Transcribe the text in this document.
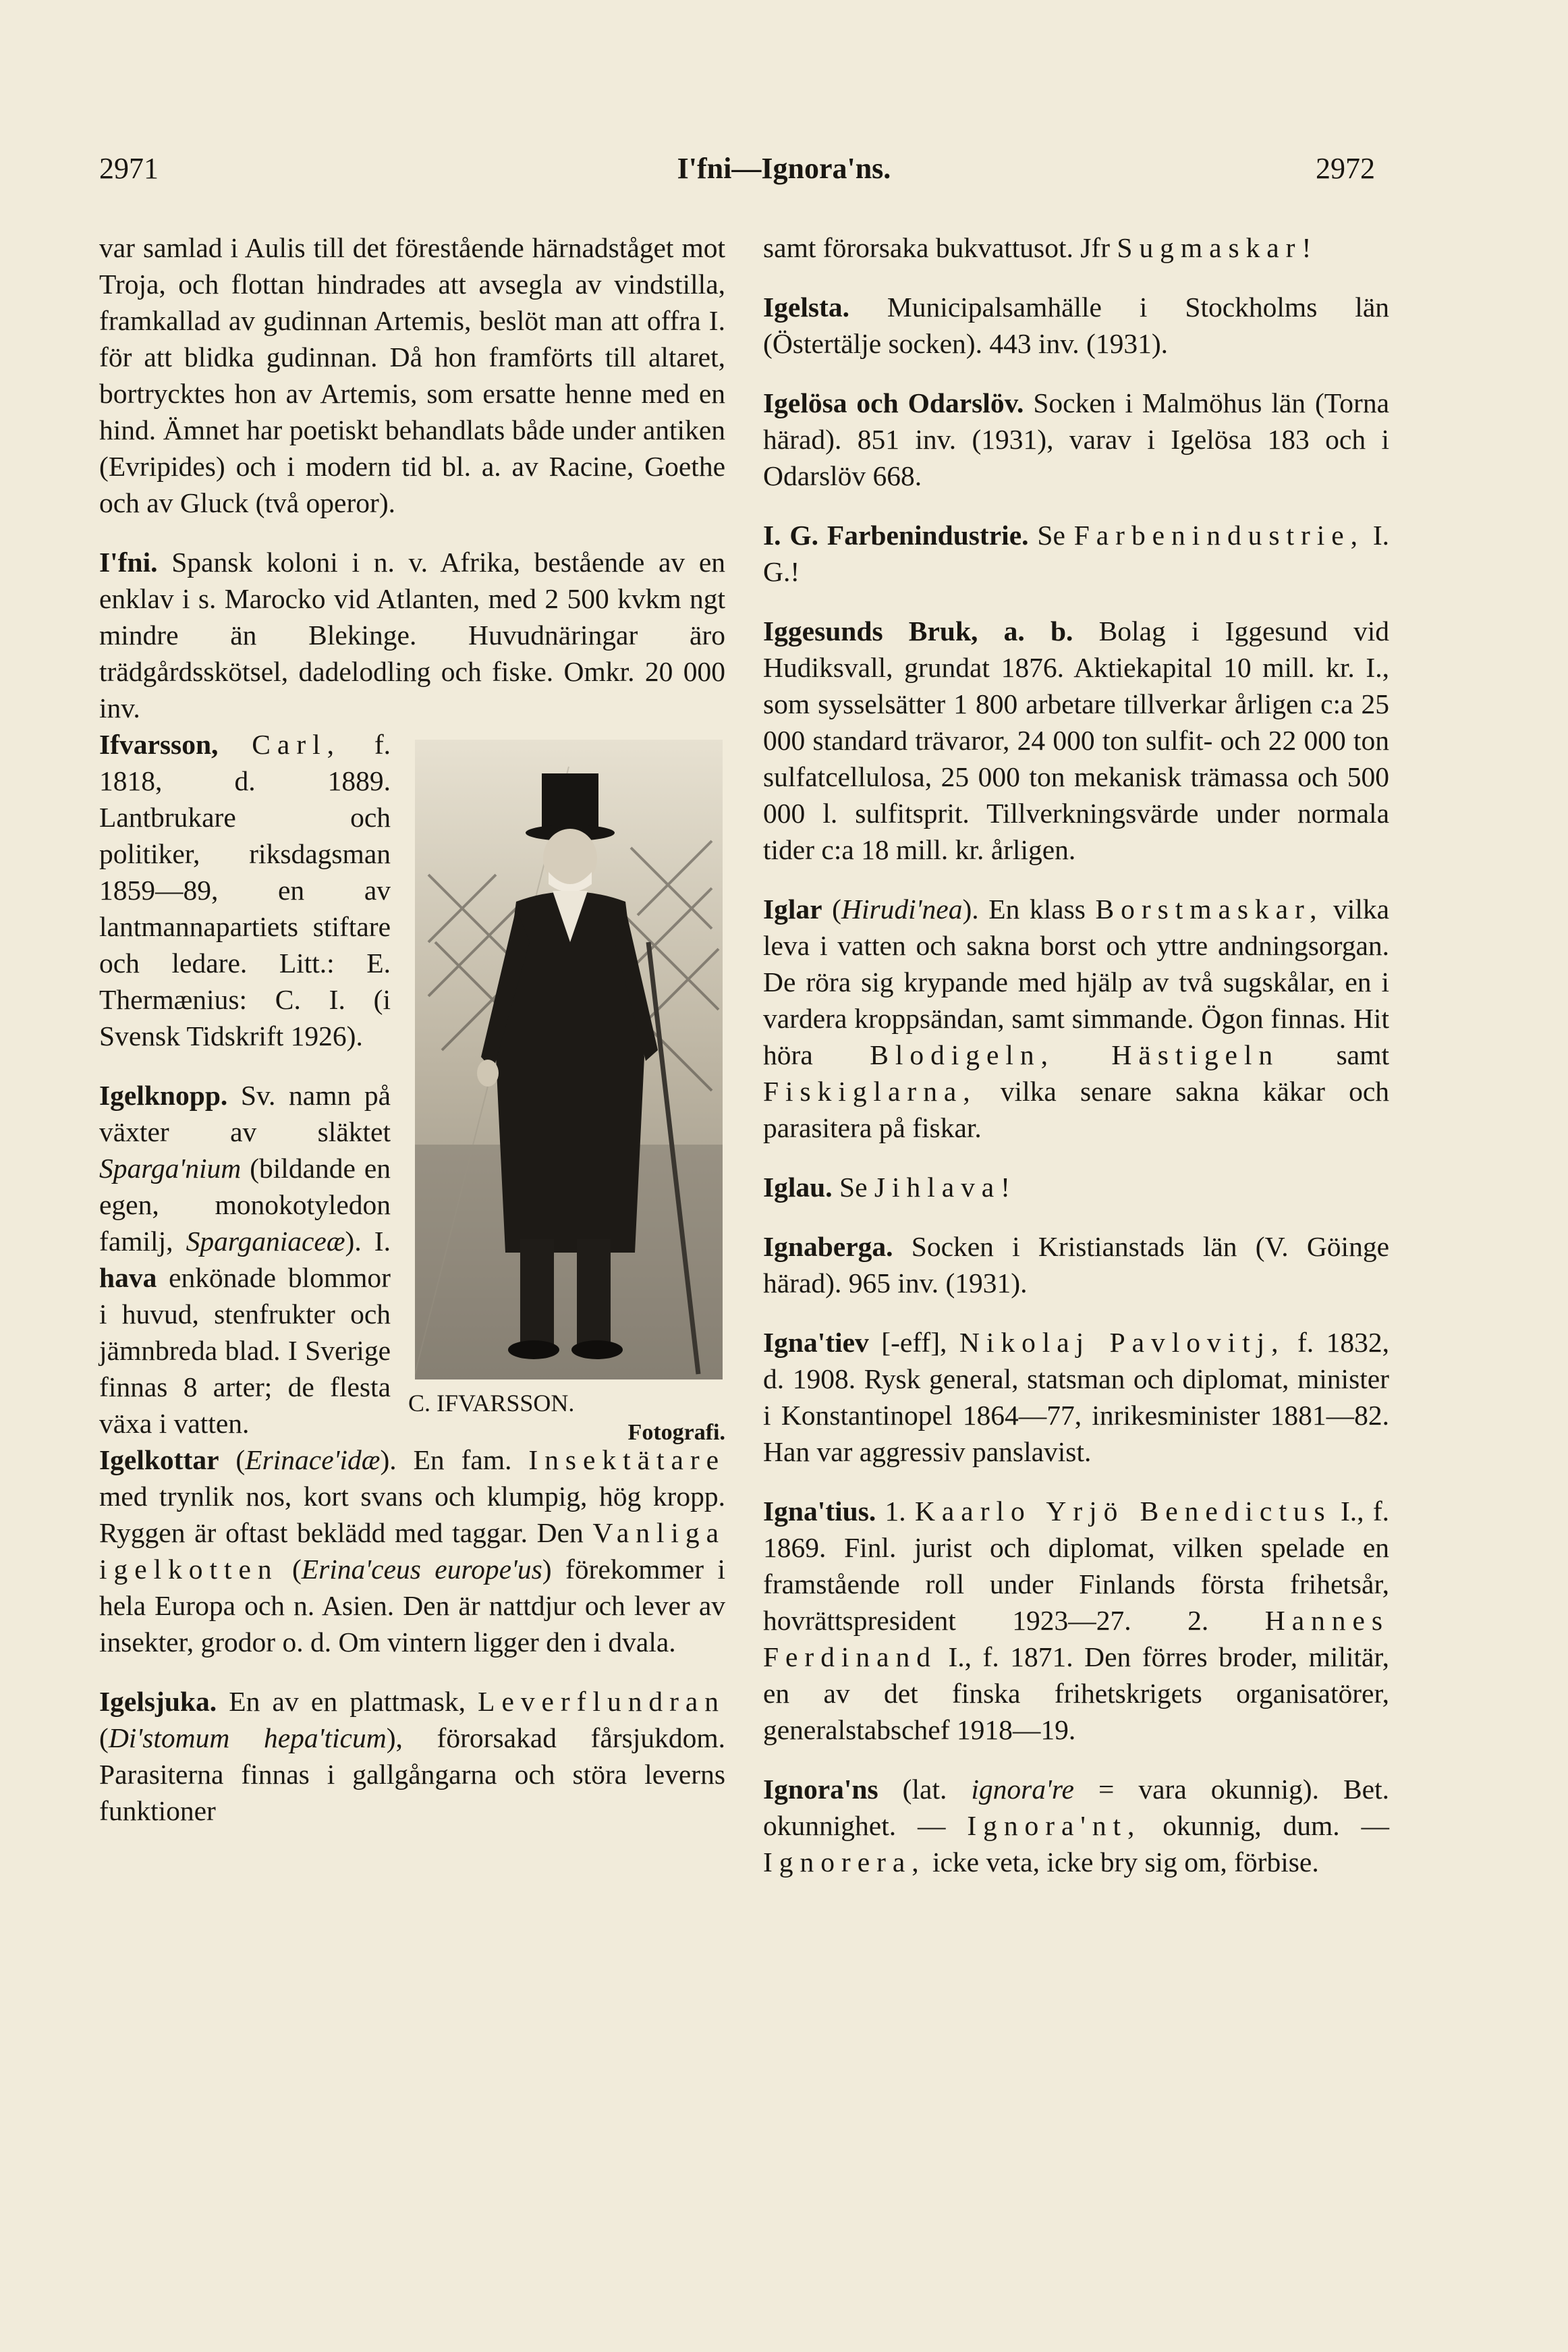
2971	I'fni—Ignora'ns.	2972

var samlad i Aulis till det förestående härnadståget mot Troja, och flottan hindrades att avsegla av vindstilla, framkallad av gudinnan Artemis, beslöt man att offra I. för att blidka gudinnan. Då hon framförts till altaret, bortrycktes hon av Artemis, som ersatte henne med en hind. Ämnet har poetiskt behandlats både under antiken (Evripides) och i modern tid bl. a. av Racine, Goethe och av Gluck (två operor).

I'fni. Spansk koloni i n. v. Afrika, bestående av en enklav i s. Marocko vid Atlanten, med 2 500 kvkm ngt mindre än Blekinge. Huvudnäringar äro trädgårdsskötsel, dadelodling och fiske. Omkr. 20 000 inv.

C. IFVARSSON.
Fotografi.

Ifvarsson, Carl, f. 1818, d. 1889. Lantbrukare och politiker, riksdagsman 1859—89, en av lantmannapartiets stiftare och ledare. Litt.: E. Thermænius: C. I. (i Svensk Tidskrift 1926).

Igelknopp. Sv. namn på växter av släktet Sparga'nium (bildande en egen, monokotyledon familj, Sparganiaceæ). I. hava enkönade blommor i huvud, stenfrukter och jämnbreda blad. I Sverige finnas 8 arter; de flesta växa i vatten.

Igelkottar (Erinace'idæ). En fam. Insektätare med trynlik nos, kort svans och klumpig, hög kropp. Ryggen är oftast beklädd med taggar. Den Vanliga igelkotten (Erina'ceus europe'us) förekommer i hela Europa och n. Asien. Den är nattdjur och lever av insekter, grodor o. d. Om vintern ligger den i dvala.

Igelsjuka. En av en plattmask, Leverflundran (Di'stomum hepa'ticum), förorsakad fårsjukdom. Parasiterna finnas i gallgångarna och störa leverns funktioner

samt förorsaka bukvattusot. Jfr Sugmaskar!

Igelsta. Municipalsamhälle i Stockholms län (Östertälje socken). 443 inv. (1931).

Igelösa och Odarslöv. Socken i Malmöhus län (Torna härad). 851 inv. (1931), varav i Igelösa 183 och i Odarslöv 668.

I. G. Farbenindustrie. Se Farbenindustrie, I. G.!

Iggesunds Bruk, a. b. Bolag i Iggesund vid Hudiksvall, grundat 1876. Aktiekapital 10 mill. kr. I., som sysselsätter 1 800 arbetare tillverkar årligen c:a 25 000 standard trävaror, 24 000 ton sulfit- och 22 000 ton sulfatcellulosa, 25 000 ton mekanisk trämassa och 500 000 l. sulfitsprit. Tillverkningsvärde under normala tider c:a 18 mill. kr. årligen.

Iglar (Hirudi'nea). En klass Borstmaskar, vilka leva i vatten och sakna borst och yttre andningsorgan. De röra sig krypande med hjälp av två sugskålar, en i vardera kroppsändan, samt simmande. Ögon finnas. Hit höra Blodigeln, Hästigeln samt Fiskiglarna, vilka senare sakna käkar och parasitera på fiskar.

Iglau. Se Jihlava!

Ignaberga. Socken i Kristianstads län (V. Göinge härad). 965 inv. (1931).

Igna'tiev [-eff], Nikolaj Pavlovitj, f. 1832, d. 1908. Rysk general, statsman och diplomat, minister i Konstantinopel 1864—77, inrikesminister 1881—82. Han var aggressiv panslavist.

Igna'tius. 1. Kaarlo Yrjö Benedictus I., f. 1869. Finl. jurist och diplomat, vilken spelade en framstående roll under Finlands första frihetsår, hovrättspresident 1923—27. 2. Hannes Ferdinand I., f. 1871. Den förres broder, militär, en av det finska frihetskrigets organisatörer, generalstabschef 1918—19.

Ignora'ns (lat. ignora're = vara okunnig). Bet. okunnighet. — Ignora'nt, okunnig, dum. — Ignorera, icke veta, icke bry sig om, förbise.
